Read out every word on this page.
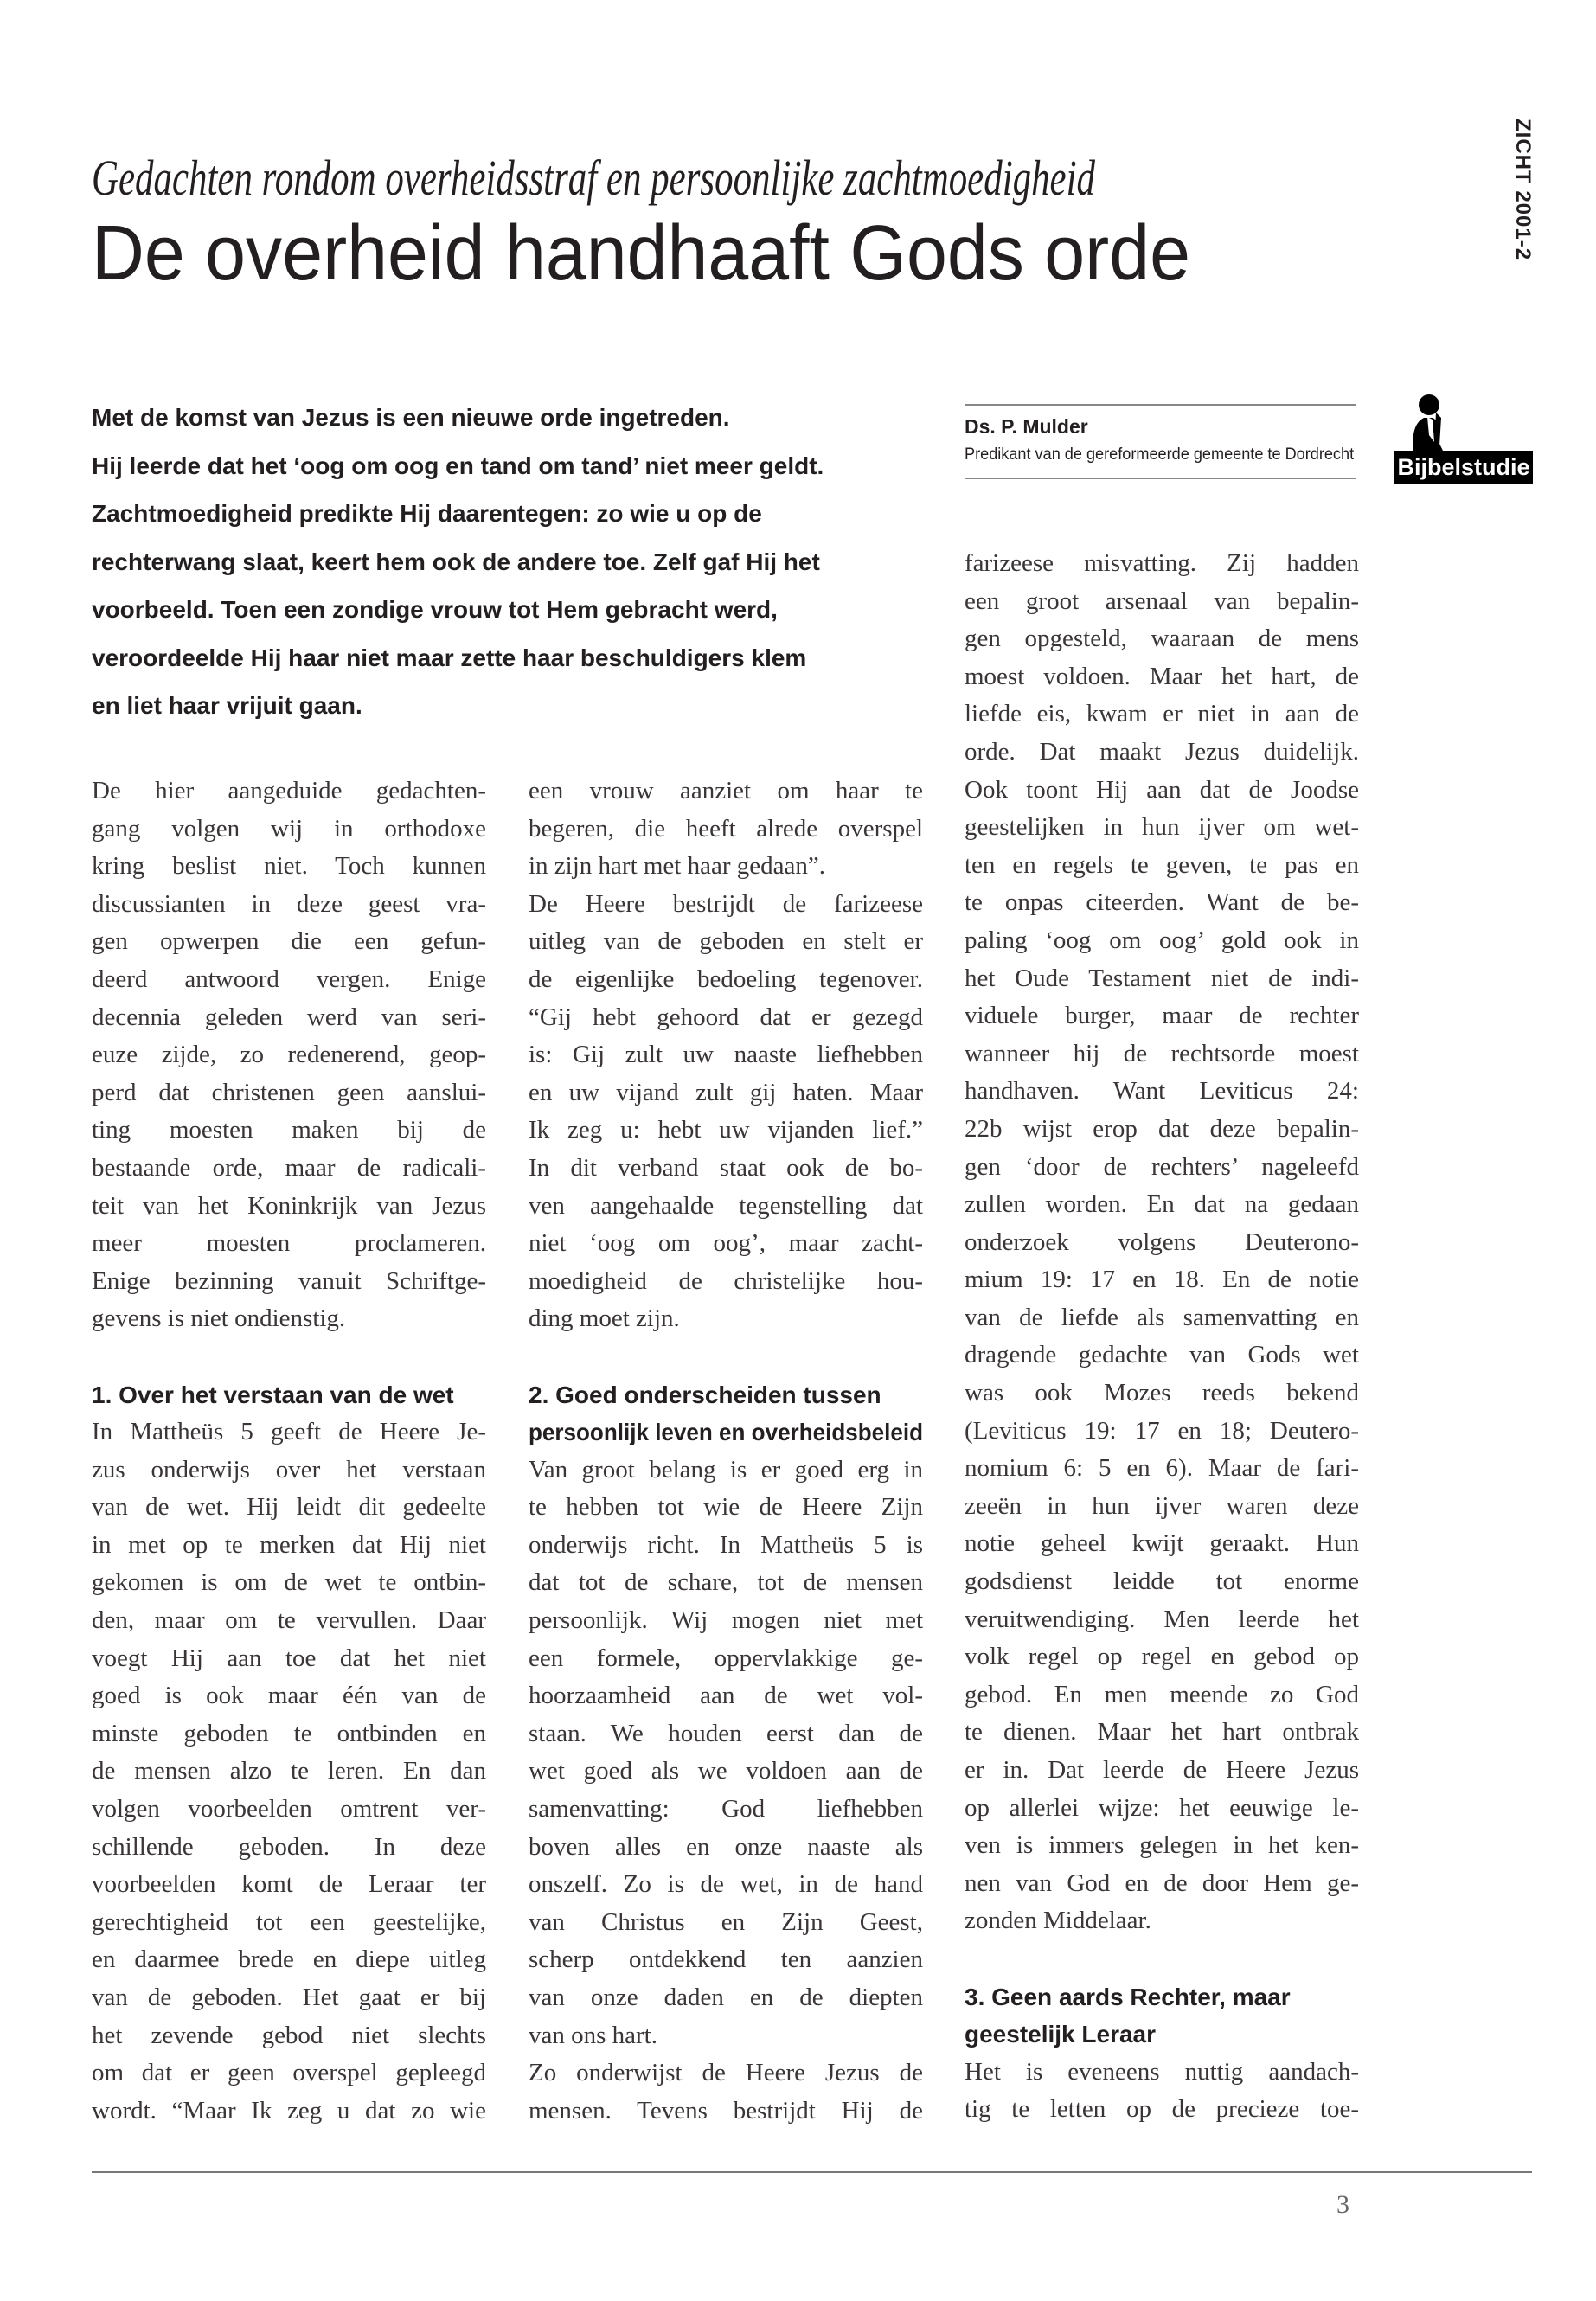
Gedachten rondom overheidsstraf en persoonlijke zachtmoedigheid
De overheid handhaaft Gods orde	ZICHT 2001-2
Met de komst van Jezus is een nieuwe orde ingetreden.
Hij leerde dat het ‘oog om oog en tand om tand’ niet meer geldt.
Zachtmoedigheid predikte Hij daarentegen: zo wie u op de
rechterwang slaat, keert hem ook de andere toe. Zelf gaf Hij het
voorbeeld. Toen een zondige vrouw tot Hem gebracht werd,
veroordeelde Hij haar niet maar zette haar beschuldigers klem
en liet haar vrijuit gaan.
Ds. P. Mulder
Predikant van de gereformeerde gemeente te Dordrecht Bijbelstudie
De hier aangeduide gedachten-
gang volgen wij in orthodoxe
kring beslist niet. Toch kunnen
discussianten in deze geest vra-
gen opwerpen die een gefun-
deerd antwoord vergen. Enige
decennia geleden werd van seri-
euze zijde, zo redenerend, geop-
perd dat christenen geen aanslui-
ting moesten maken bij de
bestaande orde, maar de radicali-
teit van het Koninkrijk van Jezus
meer moesten proclameren.
Enige bezinning vanuit Schriftge-
gevens is niet ondienstig.
1. Over het verstaan van de wet
In Mattheüs 5 geeft de Heere Je-
zus onderwijs over het verstaan
van de wet. Hij leidt dit gedeelte
in met op te merken dat Hij niet
gekomen is om de wet te ontbin-
den, maar om te vervullen. Daar
voegt Hij aan toe dat het niet
goed is ook maar één van de
minste geboden te ontbinden en
de mensen alzo te leren. En dan
volgen voorbeelden omtrent ver-
schillende geboden. In deze
voorbeelden komt de Leraar ter
gerechtigheid tot een geestelijke,
en daarmee brede en diepe uitleg
van de geboden. Het gaat er bij
het zevende gebod niet slechts
om dat er geen overspel gepleegd
wordt. “Maar Ik zeg u dat zo wie
een vrouw aanziet om haar te
begeren, die heeft alrede overspel
in zijn hart met haar gedaan”.
De Heere bestrijdt de farizeese
uitleg van de geboden en stelt er
de eigenlijke bedoeling tegenover.
“Gij hebt gehoord dat er gezegd
is: Gij zult uw naaste liefhebben
en uw vijand zult gij haten. Maar
Ik zeg u: hebt uw vijanden lief.”
In dit verband staat ook de bo-
ven aangehaalde tegenstelling dat
niet ‘oog om oog’, maar zacht-
moedigheid de christelijke hou-
ding moet zijn.
2. Goed onderscheiden tussen
persoonlijk leven en overheidsbeleid
Van groot belang is er goed erg in
te hebben tot wie de Heere Zijn
onderwijs richt. In Mattheüs 5 is
dat tot de schare, tot de mensen
persoonlijk. Wij mogen niet met
een formele, oppervlakkige ge-
hoorzaamheid aan de wet vol-
staan. We houden eerst dan de
wet goed als we voldoen aan de
samenvatting: God liefhebben
boven alles en onze naaste als
onszelf. Zo is de wet, in de hand
van Christus en Zijn Geest,
scherp ontdekkend ten aanzien
van onze daden en de diepten
van ons hart.
Zo onderwijst de Heere Jezus de
mensen. Tevens bestrijdt Hij de
farizeese misvatting. Zij hadden
een groot arsenaal van bepalin-
gen opgesteld, waaraan de mens
moest voldoen. Maar het hart, de
liefde eis, kwam er niet in aan de
orde. Dat maakt Jezus duidelijk.
Ook toont Hij aan dat de Joodse
geestelijken in hun ijver om wet-
ten en regels te geven, te pas en
te onpas citeerden. Want de be-
paling ‘oog om oog’ gold ook in
het Oude Testament niet de indi-
viduele burger, maar de rechter
wanneer hij de rechtsorde moest
handhaven. Want Leviticus 24:
22b wijst erop dat deze bepalin-
gen ‘door de rechters’ nageleefd
zullen worden. En dat na gedaan
onderzoek volgens Deuterono-
mium 19: 17 en 18. En de notie
van de liefde als samenvatting en
dragende gedachte van Gods wet
was ook Mozes reeds bekend
(Leviticus 19: 17 en 18; Deutero-
nomium 6: 5 en 6). Maar de fari-
zeeën in hun ijver waren deze
notie geheel kwijt geraakt. Hun
godsdienst leidde tot enorme
veruitwendiging. Men leerde het
volk regel op regel en gebod op
gebod. En men meende zo God
te dienen. Maar het hart ontbrak
er in. Dat leerde de Heere Jezus
op allerlei wijze: het eeuwige le-
ven is immers gelegen in het ken-
nen van God en de door Hem ge-
zonden Middelaar.
3. Geen aards Rechter, maar
geestelijk Leraar
Het is eveneens nuttig aandach-
tig te letten op de precieze toe-
3
